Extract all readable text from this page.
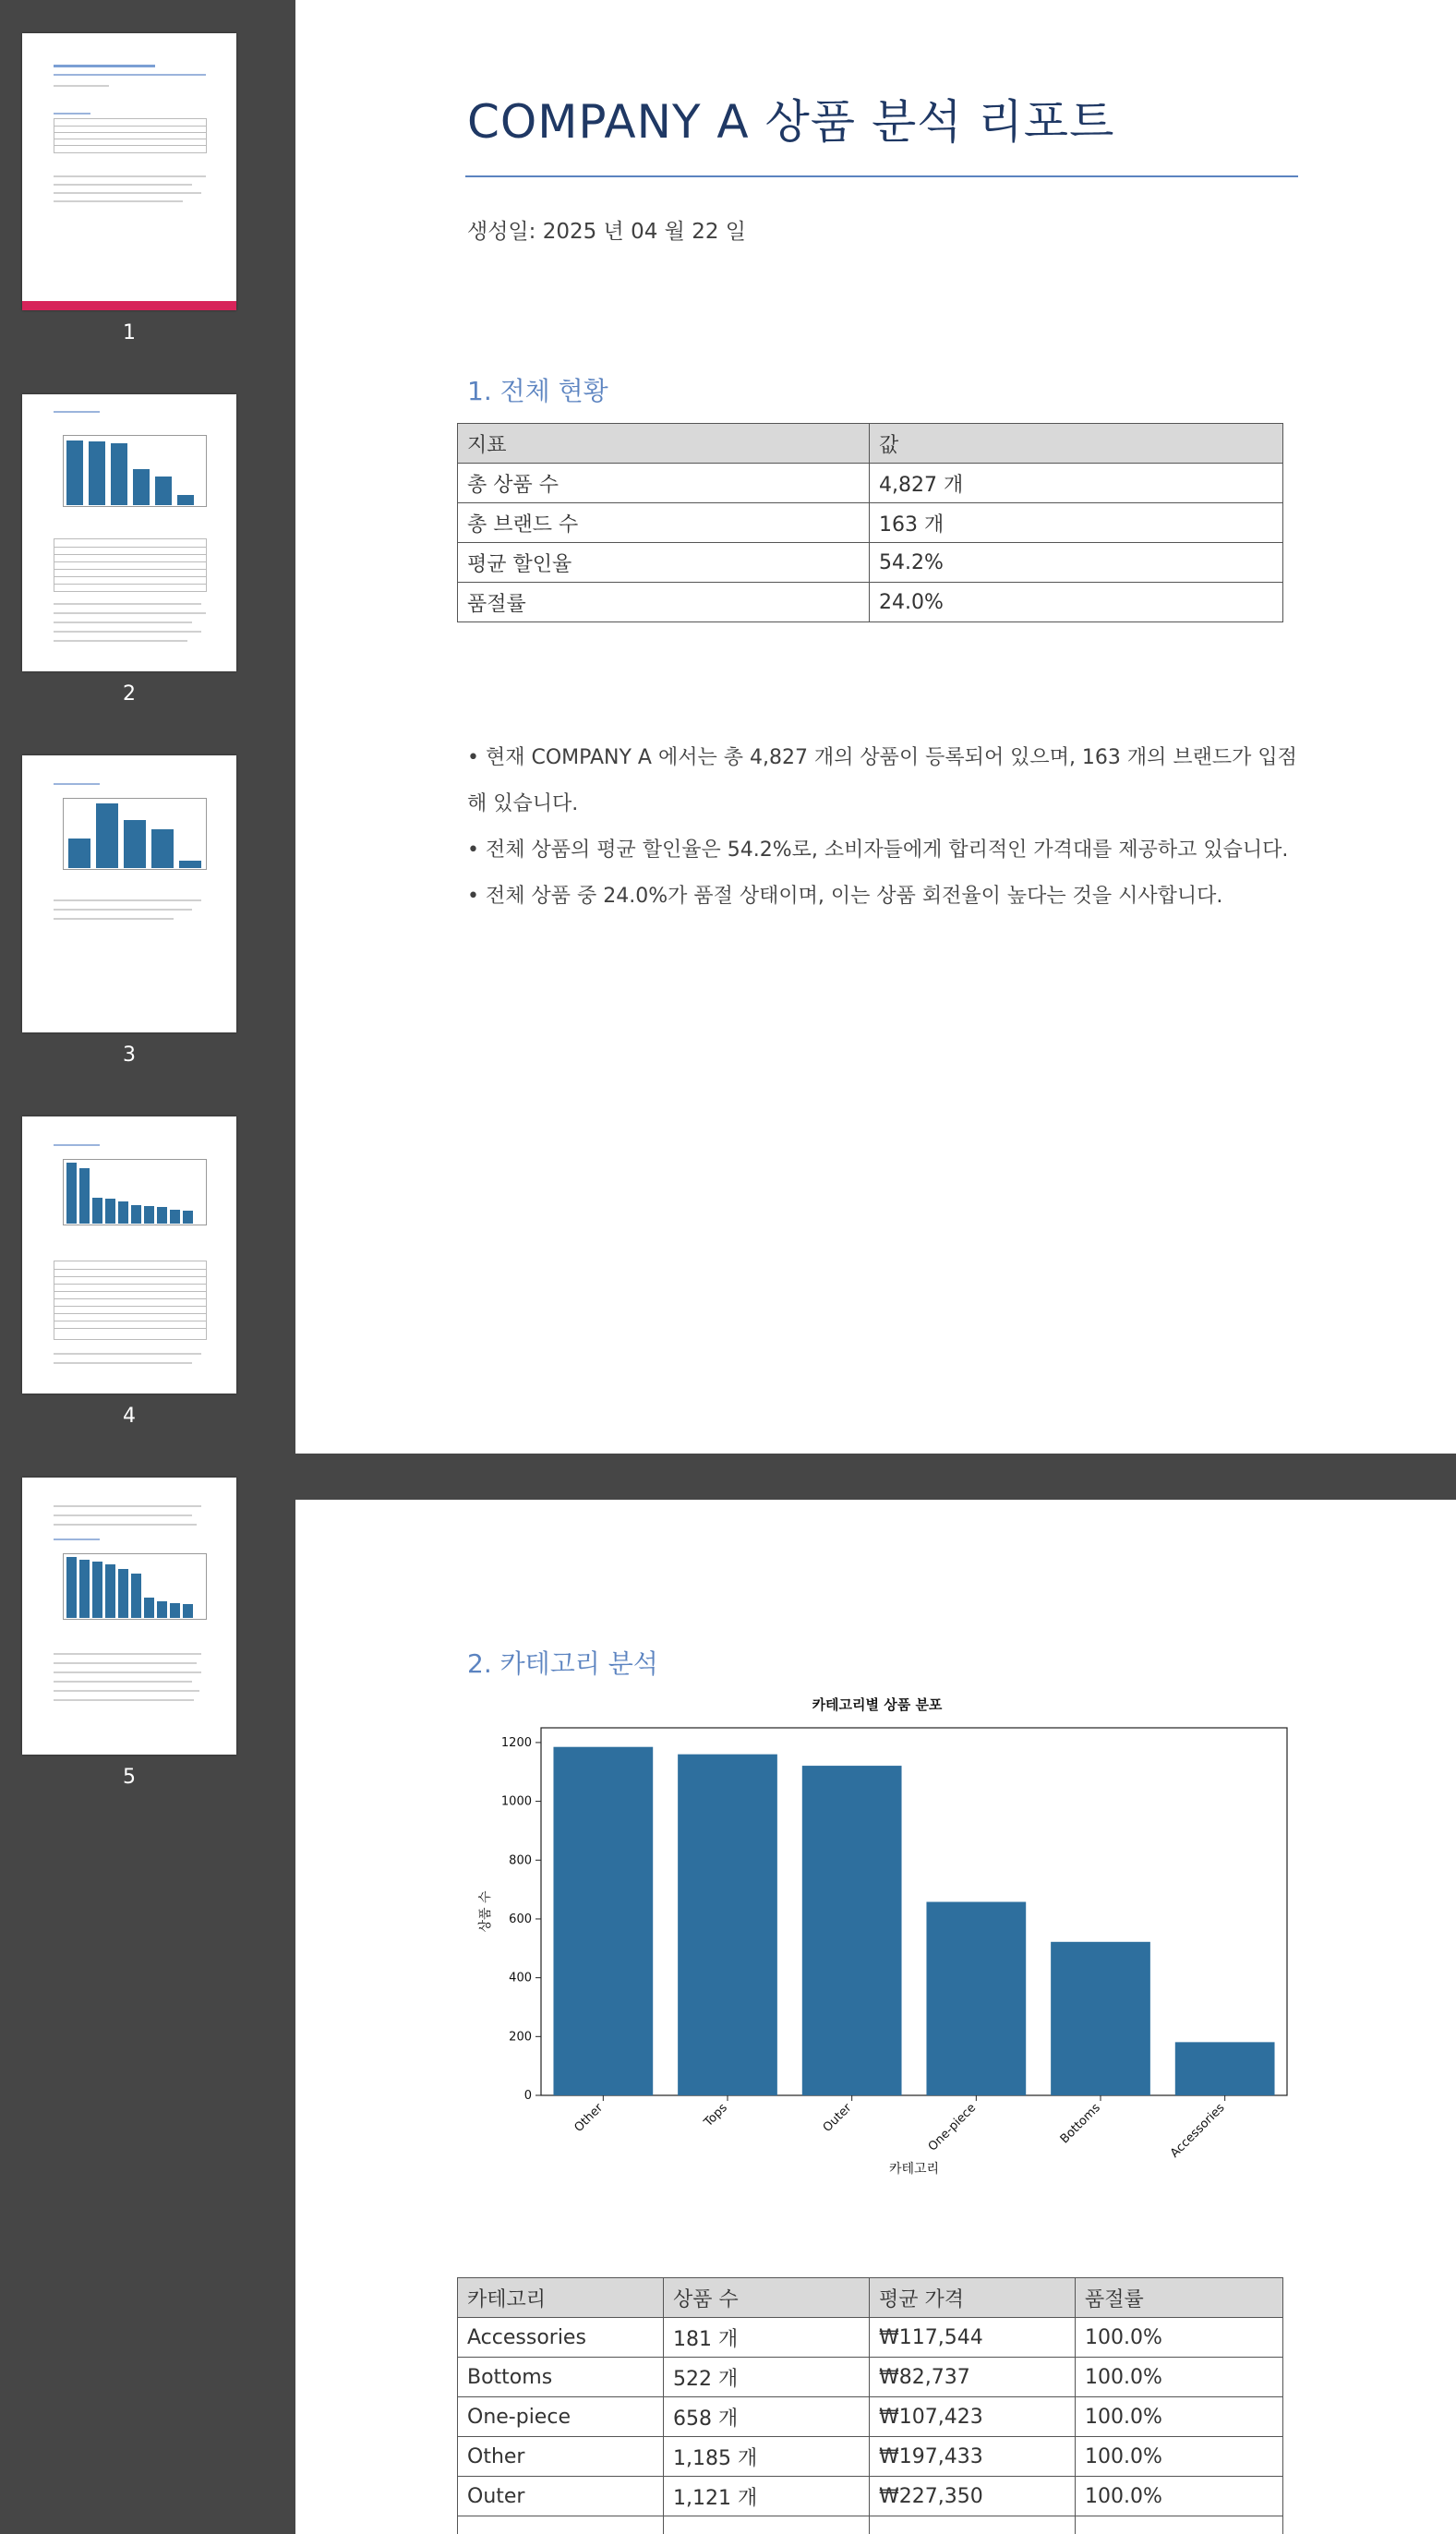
1
2
3
4
5
COMPANY A 상품 분석 리포트
생성일: 2025 년 04 월 22 일
1. 전체 현황
지표	값
총 상품 수	4,827 개
총 브랜드 수	163 개
평균 할인율	54.2%
품절률	24.0%

• 현재 COMPANY A 에서는 총 4,827 개의 상품이 등록되어 있으며, 163 개의 브랜드가 입점해 있습니다.

• 전체 상품의 평균 할인율은 54.2%로, 소비자들에게 합리적인 가격대를 제공하고 있습니다.

• 전체 상품 중 24.0%가 품절 상태이며, 이는 상품 회전율이 높다는 것을 시사합니다.

2. 카테고리 분석
카테고리별 상품 분포
0
200
400
600
800
1000
1200
Other	Tops	Outer	One-piece	Bottoms	Accessories
카테고리
상품 수
카테고리	상품 수	평균 가격	품절률
Accessories	181 개	₩117,544	100.0%
Bottoms	522 개	₩82,737	100.0%
One-piece	658 개	₩107,423	100.0%
Other	1,185 개	₩197,433	100.0%
Outer	1,121 개	₩227,350	100.0%
